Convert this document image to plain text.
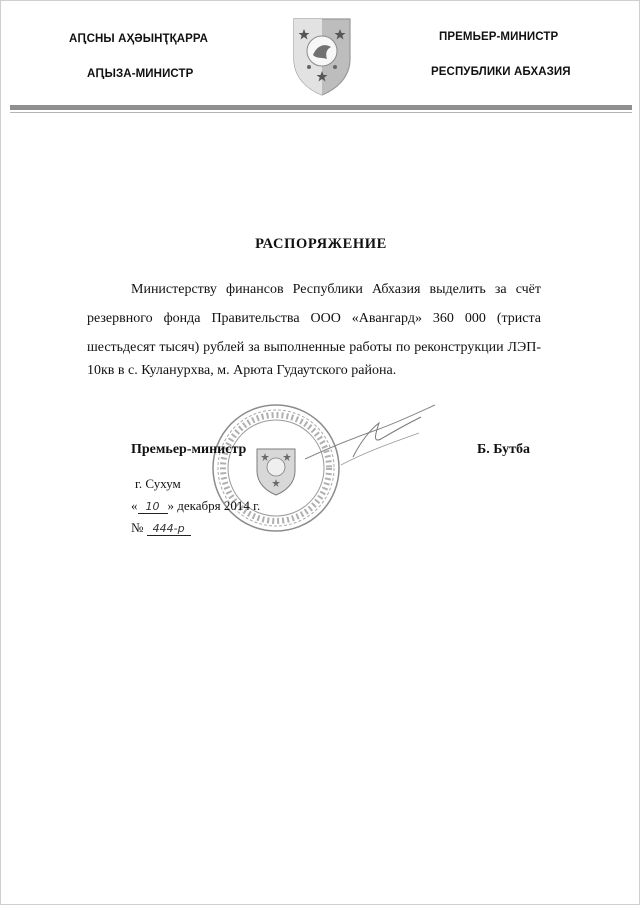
АԤСНЫ АҲӘЫНҬҚАРРА
АԤЫЗА-МИНИСТР
ПРЕМЬЕР-МИНИСТР
РЕСПУБЛИКИ АБХАЗИЯ
РАСПОРЯЖЕНИЕ
Министерству финансов Республики Абхазия выделить за счёт
резервного фонда Правительства ООО «Авангард» 360 000 (триста
шестьдесят тысяч) рублей за выполненные работы по реконструкции ЛЭП-
10кв в с. Кулануpхва, м. Арюта Гудаутского района.
Премьер-министр	Б. Бутба
г. Сухум
« 10 » декабря 2014 г.
№ 444-р
